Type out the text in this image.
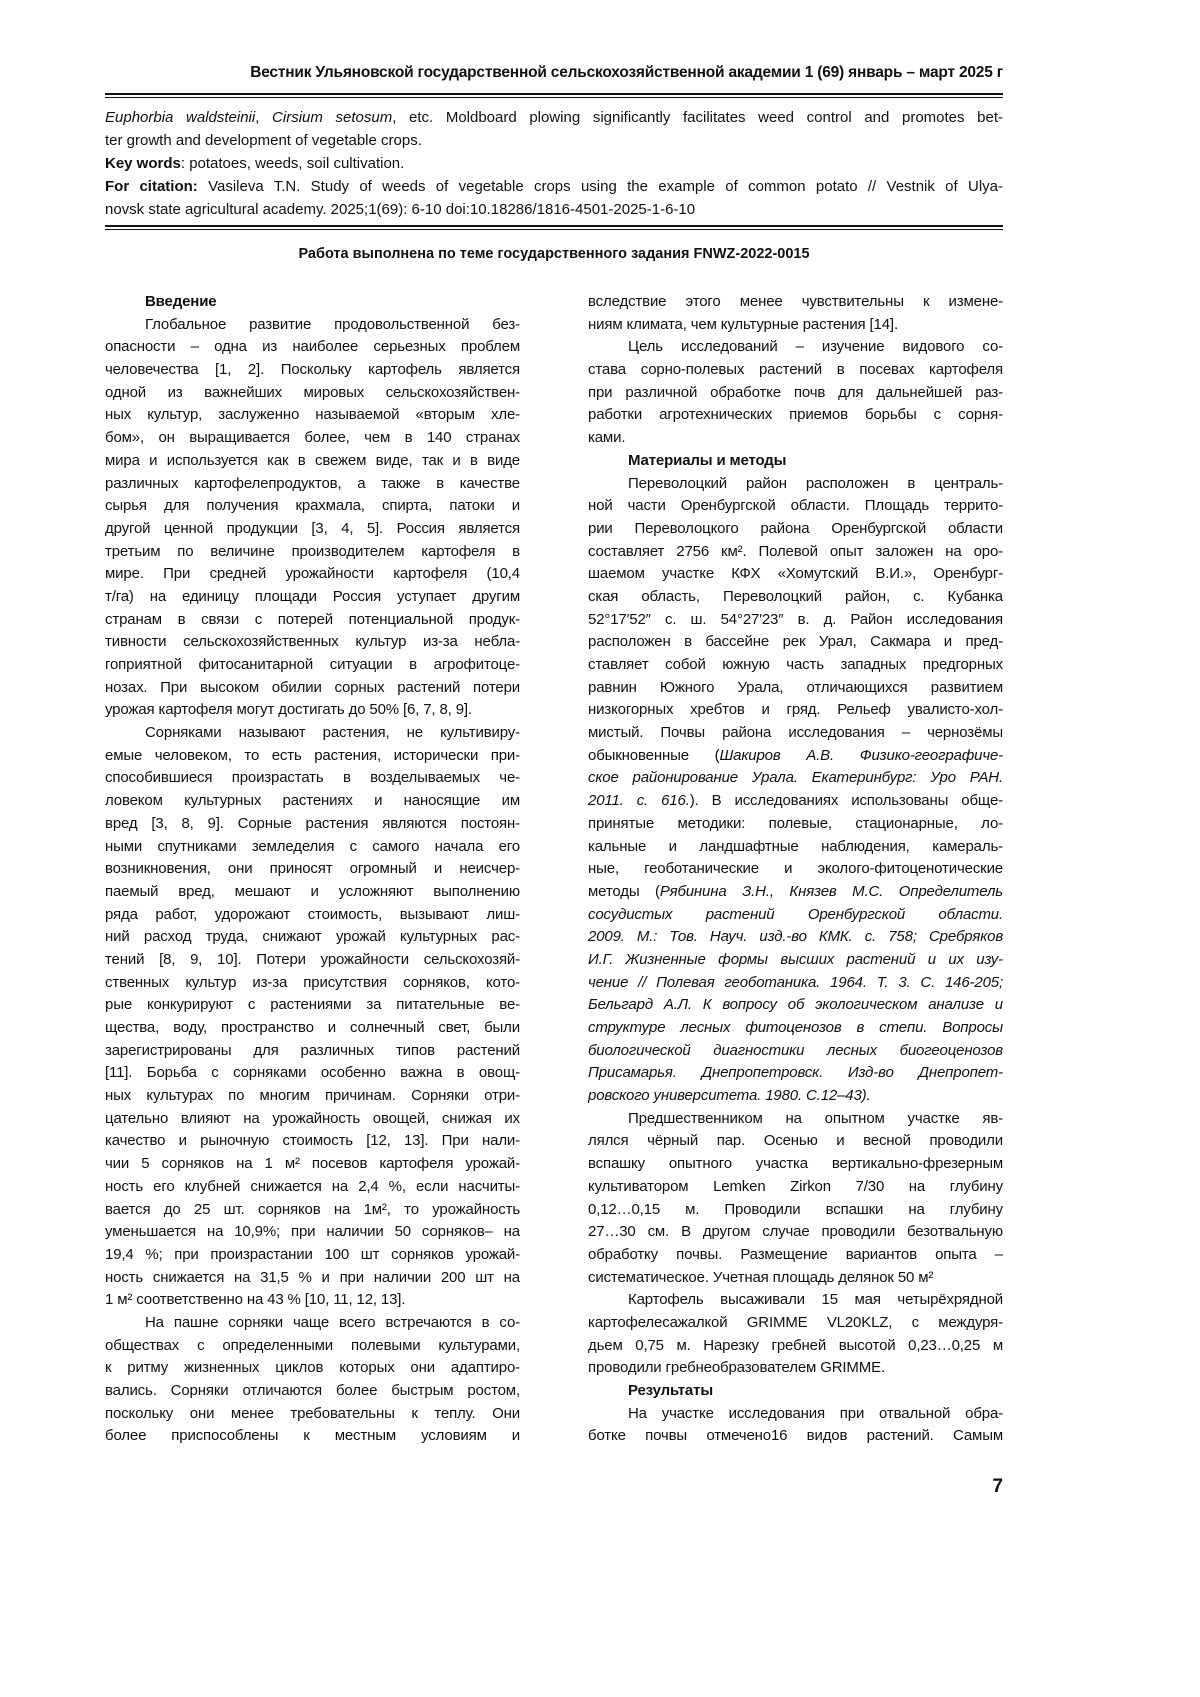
Вестник Ульяновской государственной сельскохозяйственной академии 1 (69) январь – март 2025 г
Euphorbia waldsteinii, Cirsium setosum, etc. Moldboard plowing significantly facilitates weed control and promotes bet-
ter growth and development of vegetable crops.
Key words: potatoes, weeds, soil cultivation.
For citation: Vasileva T.N. Study of weeds of vegetable crops using the example of common potato // Vestnik of Ulya-
novsk state agricultural academy. 2025;1(69): 6-10 doi:10.18286/1816-4501-2025-1-6-10
Работа выполнена по теме государственного задания FNWZ-2022-0015
Введение
Глобальное развитие продовольственной без-
опасности – одна из наиболее серьезных проблем
человечества [1, 2]. Поскольку картофель является
одной из важнейших мировых сельскохозяйствен-
ных культур, заслуженно называемой «вторым хле-
бом», он выращивается более, чем в 140 странах
мира и используется как в свежем виде, так и в виде
различных картофелепродуктов, а также в качестве
сырья для получения крахмала, спирта, патоки и
другой ценной продукции [3, 4, 5]. Россия является
третьим по величине производителем картофеля в
мире. При средней урожайности картофеля (10,4
т/га) на единицу площади Россия уступает другим
странам в связи с потерей потенциальной продук-
тивности сельскохозяйственных культур из-за небла-
гоприятной фитосанитарной ситуации в агрофитоце-
нозах. При высоком обилии сорных растений потери
урожая картофеля могут достигать до 50% [6, 7, 8, 9].
Сорняками называют растения, не культивиру-
емые человеком, то есть растения, исторически при-
способившиеся произрастать в возделываемых че-
ловеком культурных растениях и наносящие им
вред [3, 8, 9]. Сорные растения являются постоян-
ными спутниками земледелия с самого начала его
возникновения, они приносят огромный и неисчер-
паемый вред, мешают и усложняют выполнению
ряда работ, удорожают стоимость, вызывают лиш-
ний расход труда, снижают урожай культурных рас-
тений [8, 9, 10]. Потери урожайности сельскохозяй-
ственных культур из-за присутствия сорняков, кото-
рые конкурируют с растениями за питательные ве-
щества, воду, пространство и солнечный свет, были
зарегистрированы для различных типов растений
[11]. Борьба с сорняками особенно важна в овощ-
ных культурах по многим причинам. Сорняки отри-
цательно влияют на урожайность овощей, снижая их
качество и рыночную стоимость [12, 13]. При нали-
чии 5 сорняков на 1 м² посевов картофеля урожай-
ность его клубней снижается на 2,4 %, если насчиты-
вается до 25 шт. сорняков на 1м², то урожайность
уменьшается на 10,9%; при наличии 50 сорняков– на
19,4 %; при произрастании 100 шт сорняков урожай-
ность снижается на 31,5 % и при наличии 200 шт на
1 м² соответственно на 43 % [10, 11, 12, 13].
На пашне сорняки чаще всего встречаются в со-
обществах с определенными полевыми культурами,
к ритму жизненных циклов которых они адаптиро-
вались. Сорняки отличаются более быстрым ростом,
поскольку они менее требовательны к теплу. Они
более приспособлены к местным условиям и
вследствие этого менее чувствительны к измене-
ниям климата, чем культурные растения [14].
Цель исследований – изучение видового со-
става сорно-полевых растений в посевах картофеля
при различной обработке почв для дальнейшей раз-
работки агротехнических приемов борьбы с сорня-
ками.
Материалы и методы
Переволоцкий район расположен в централь-
ной части Оренбургской области. Площадь террито-
рии Переволоцкого района Оренбургской области
составляет 2756 км². Полевой опыт заложен на оро-
шаемом участке КФХ «Хомутский В.И.», Оренбург-
ская область, Переволоцкий район, с. Кубанка
52°17′52″ с. ш. 54°27′23″ в. д. Район исследования
расположен в бассейне рек Урал, Сакмара и пред-
ставляет собой южную часть западных предгорных
равнин Южного Урала, отличающихся развитием
низкогорных хребтов и гряд. Рельеф увалисто-хол-
мистый. Почвы района исследования – чернозёмы
обыкновенные (Шакиров А.В. Физико-географиче-
ское районирование Урала. Екатеринбург: Уро РАН.
2011. с. 616.). В исследованиях использованы обще-
принятые методики: полевые, стационарные, ло-
кальные и ландшафтные наблюдения, камераль-
ные, геоботанические и эколого-фитоценотические
методы (Рябинина З.Н., Князев М.С. Определитель
сосудистых растений Оренбургской области.
2009. М.: Тов. Науч. изд.-во КМК. с. 758; Сребряков
И.Г. Жизненные формы высших растений и их изу-
чение // Полевая геоботаника. 1964. Т. 3. С. 146-205;
Бельгард А.Л. К вопросу об экологическом анализе и
структуре лесных фитоценозов в степи. Вопросы
биологической диагностики лесных биогеоценозов
Присамарья. Днепропетровск. Изд-во Днепропет-
ровского университета. 1980. С.12–43).
Предшественником на опытном участке яв-
лялся чёрный пар. Осенью и весной проводили
вспашку опытного участка вертикально-фрезерным
культиватором Lemken Zirkon 7/30 на глубину
0,12…0,15 м. Проводили вспашки на глубину
27…30 см. В другом случае проводили безотвальную
обработку почвы. Размещение вариантов опыта –
систематическое. Учетная площадь делянок 50 м²
Картофель высаживали 15 мая четырёхрядной
картофелесажалкой GRIMME VL20KLZ, с междуря-
дьем 0,75 м. Нарезку гребней высотой 0,23…0,25 м
проводили гребнеобразователем GRIMME.
Результаты
На участке исследования при отвальной обра-
ботке почвы отмечено16 видов растений. Самым
7
